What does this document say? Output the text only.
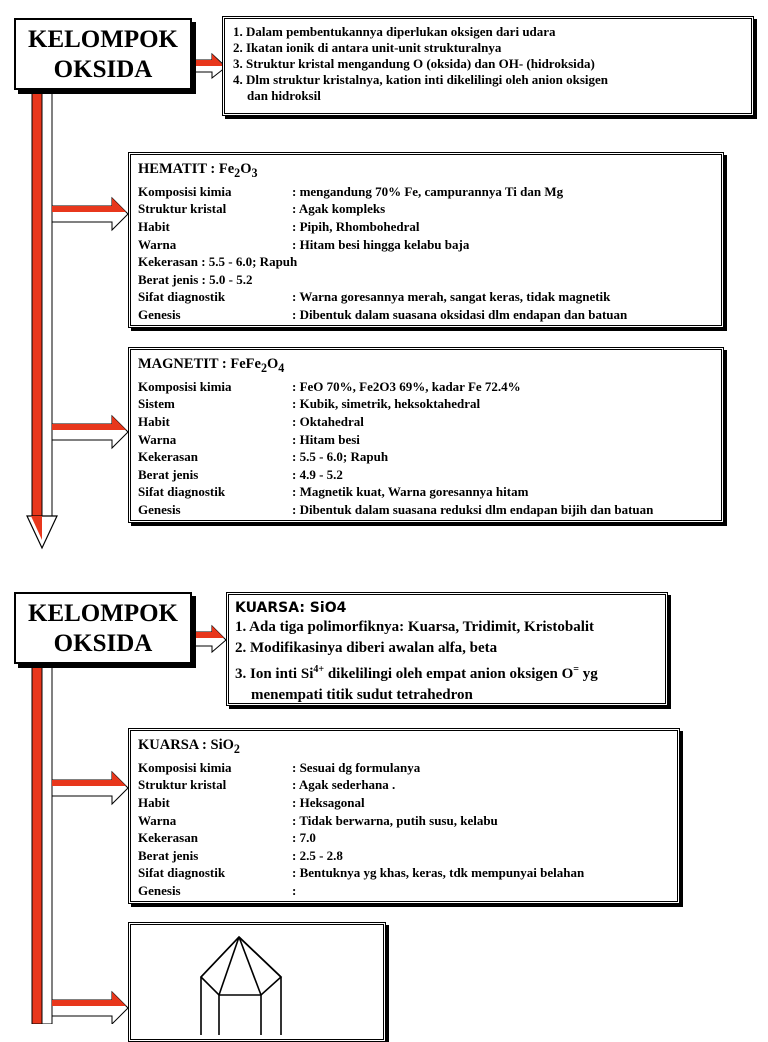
KELOMPOK
OKSIDA
1. Dalam pembentukannya diperlukan oksigen dari udara
2. Ikatan ionik di antara unit-unit strukturalnya
3. Struktur kristal mengandung O (oksida) dan OH- (hidroksida)
4. Dlm struktur kristalnya, kation inti dikelilingi oleh anion oksigen
dan hidroksil
HEMATIT : $Fe_2O_3$
Komposisi kimia	: mengandung 70% Fe, campurannya Ti dan Mg
Struktur kristal	: Agak kompleks
Habit	: Pipih, Rhombohedral
Warna	: Hitam besi hingga kelabu baja
Kekerasan : 5.5 - 6.0; Rapuh
Berat jenis : 5.0 - 5.2
Sifat diagnostik	: Warna goresannya merah, sangat keras, tidak magnetik
Genesis	: Dibentuk dalam suasana oksidasi dlm endapan dan batuan
MAGNETIT : $FeFe_2O_4$
Komposisi kimia	: FeO 70%, Fe2O3 69%, kadar Fe 72.4%
Sistem	: Kubik, simetrik, heksoktahedral
Habit	: Oktahedral
Warna	: Hitam besi
Kekerasan	: 5.5 - 6.0; Rapuh
Berat jenis	: 4.9 - 5.2
Sifat diagnostik	: Magnetik kuat, Warna goresannya hitam
Genesis	: Dibentuk dalam suasana reduksi dlm endapan bijih dan batuan
KELOMPOK
OKSIDA
KUARSA: SiO4
1. Ada tiga polimorfiknya: Kuarsa, Tridimit, Kristobalit
2. Modifikasinya diberi awalan alfa, beta
3. Ion inti $Si^{4+}$ dikelilingi oleh empat anion oksigen O= yg
menempati titik sudut tetrahedron
KUARSA : SiO$_2$
Komposisi kimia	: Sesuai dg formulanya
Struktur kristal	: Agak sederhana .
Habit	: Heksagonal
Warna	: Tidak berwarna, putih susu, kelabu
Kekerasan	: 7.0
Berat jenis	: 2.5 - 2.8
Sifat diagnostik	: Bentuknya yg khas, keras, tdk mempunyai belahan
Genesis	:
